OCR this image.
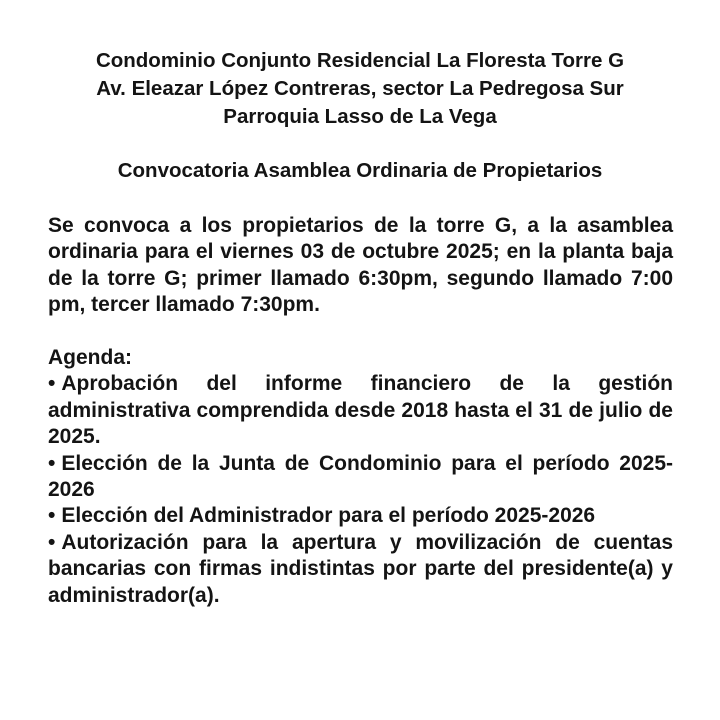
Condominio Conjunto Residencial La Floresta Torre G
Av. Eleazar López Contreras, sector La Pedregosa Sur
Parroquia Lasso de La Vega
Convocatoria Asamblea Ordinaria de Propietarios
Se convoca a los propietarios de la torre G, a la asamblea ordinaria para el viernes 03 de octubre 2025; en la planta baja de la torre G; primer llamado 6:30pm, segundo llamado 7:00 pm, tercer llamado 7:30pm.
Agenda:
• Aprobación del informe financiero de la gestión administrativa comprendida desde 2018 hasta el 31 de julio de 2025.
• Elección de la Junta de Condominio para el período 2025-2026
• Elección del Administrador para el período 2025-2026
• Autorización para la apertura y movilización de cuentas bancarias con firmas indistintas por parte del presidente(a) y administrador(a).
